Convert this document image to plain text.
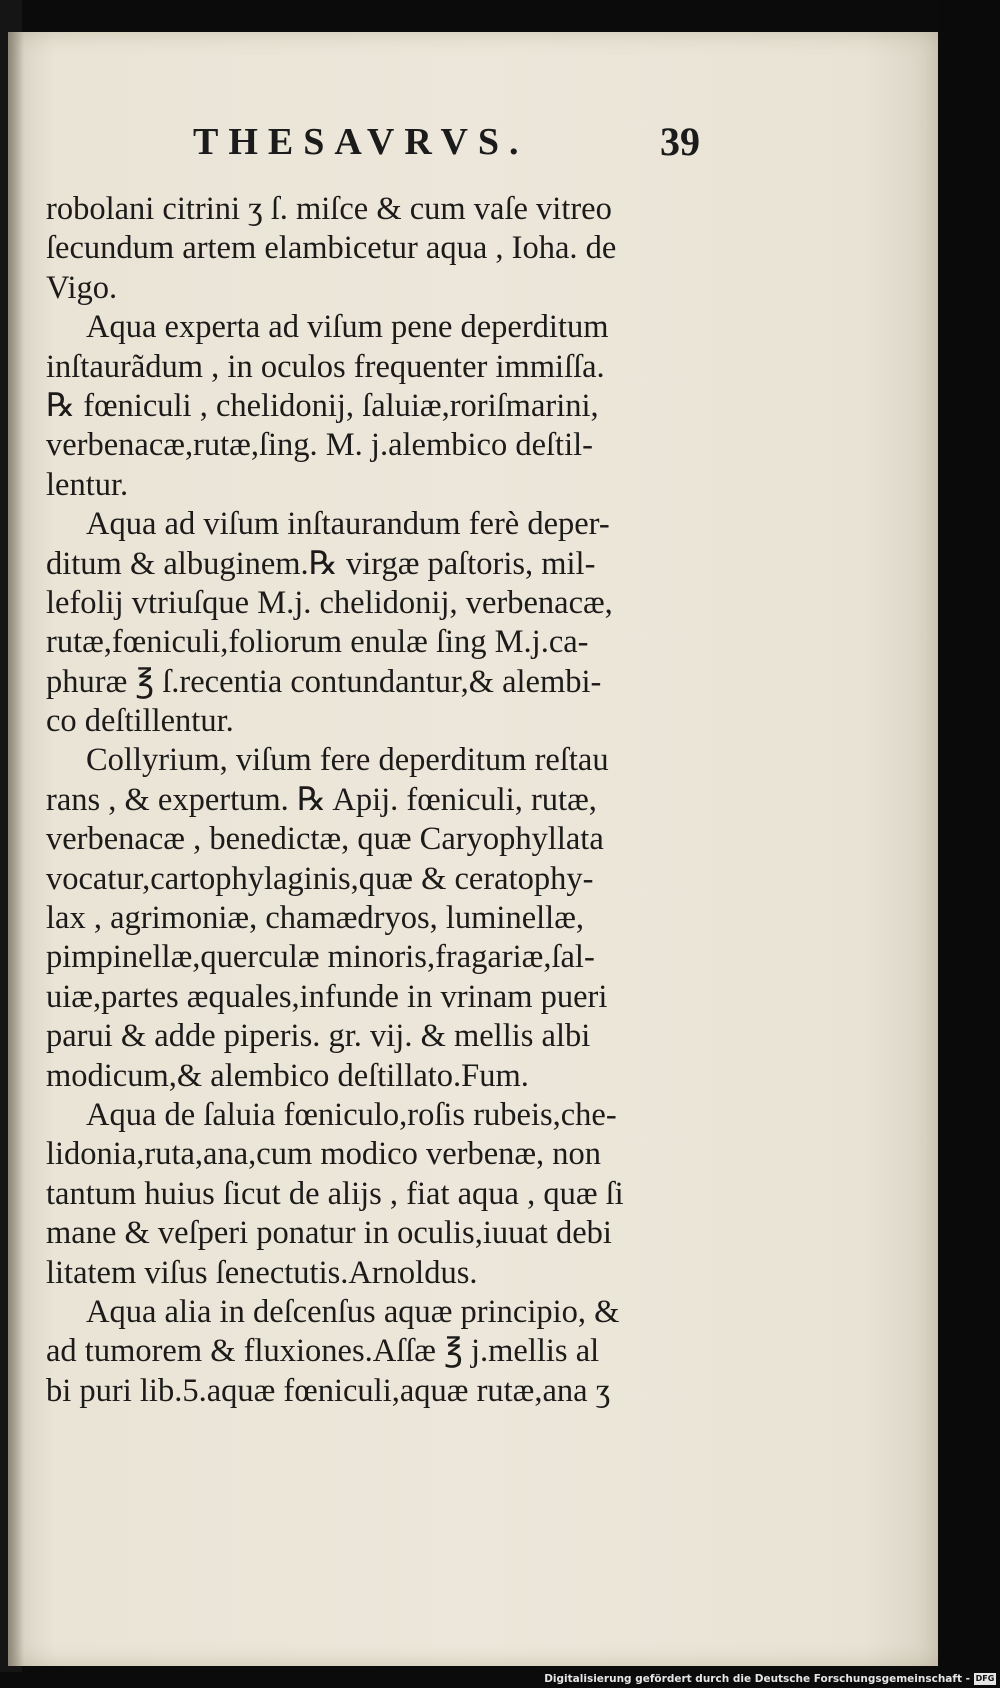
THESAVRVS.	39
robolani citrini ʒ ſ. miſce & cum vaſe vitreo
ſecundum artem elambicetur aqua , Ioha. de
Vigo.
Aqua experta ad viſum pene deperditum
inſtaurãdum , in oculos frequenter immiſſa.
℞ fœniculi , chelidonij, ſaluiæ,roriſmarini,
verbenacæ,rutæ,ſing. M. j.alembico deſtil-
lentur.
Aqua ad viſum inſtaurandum ferè deper-
ditum & albuginem.℞ virgæ paſtoris, mil-
lefolij vtriuſque M.j. chelidonij, verbenacæ,
rutæ,fœniculi,foliorum enulæ ſing M.j.ca-
phuræ ℥ ſ.recentia contundantur,& alembi-
co deſtillentur.
Collyrium, viſum fere deperditum reſtau
rans , & expertum. ℞ Apij. fœniculi, rutæ,
verbenacæ , benedictæ, quæ Caryophyllata
vocatur,cartophylaginis,quæ & ceratophy-
lax , agrimoniæ, chamædryos, luminellæ,
pimpinellæ,querculæ minoris,fragariæ,ſal-
uiæ,partes æquales,infunde in vrinam pueri
parui & adde piperis. gr. vij. & mellis albi
modicum,& alembico deſtillato.Fum.
Aqua de ſaluia fœniculo,roſis rubeis,che-
lidonia,ruta,ana,cum modico verbenæ, non
tantum huius ſicut de alijs , fiat aqua , quæ ſi
mane & veſperi ponatur in oculis,iuuat debi
litatem viſus ſenectutis.Arnoldus.
Aqua alia in deſcenſus aquæ principio, &
ad tumorem & fluxiones.Aſſæ ℥ j.mellis al
bi puri lib.5.aquæ fœniculi,aquæ rutæ,ana ʒ
Digitalisierung gefördert durch die Deutsche Forschungsgemeinschaft - DFG
